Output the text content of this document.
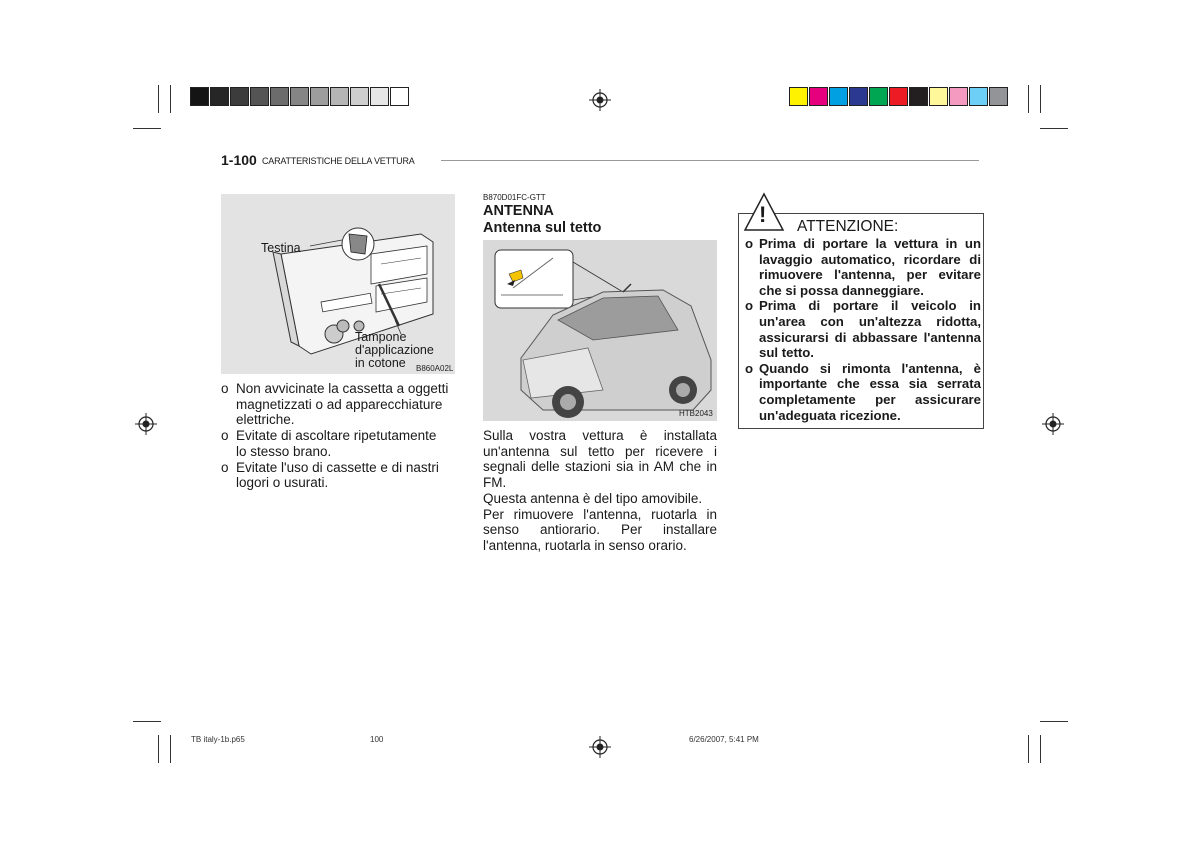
1-100 CARATTERISTICHE DELLA VETTURA
Testina
Tampone
d'applicazione
in cotone	B860A02L
o Non avvicinate la cassetta a oggetti
magnetizzati o ad apparecchiature
elettriche.
o Evitate di ascoltare ripetutamente
lo stesso brano.
o Evitate l'uso di cassette e di nastri
logori o usurati.
B870D01FC-GTT
ANTENNA
Antenna sul tetto
HTB2043
Sulla vostra vettura è installata
un'antenna sul tetto per ricevere i
segnali delle stazioni sia in AM che in
FM.
Questa antenna è del tipo amovibile.
Per rimuovere l'antenna, ruotarla in
senso antiorario. Per installare
l'antenna, ruotarla in senso orario.
! ATTENZIONE:
o Prima di portare la vettura in un
lavaggio automatico, ricordare di
rimuovere l'antenna, per evitare
che si possa danneggiare.
o Prima di portare il veicolo in
un'area con un'altezza ridotta,
assicurarsi di abbassare l'antenna
sul tetto.
o Quando si rimonta l'antenna, è
importante che essa sia serrata
completamente per assicurare
un'adeguata ricezione.
TB italy-1b.p65	100	6/26/2007, 5:41 PM
